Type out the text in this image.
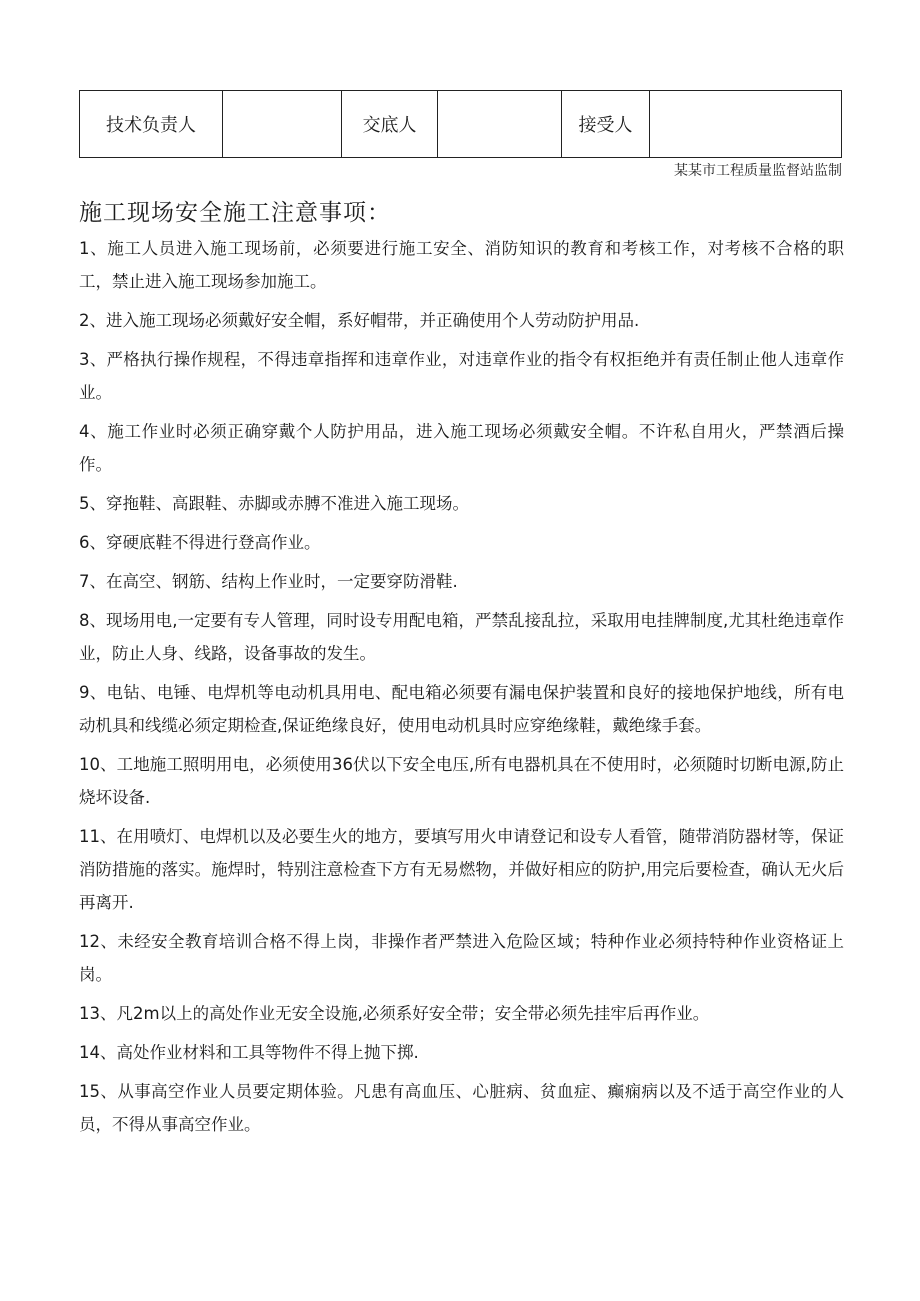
技术负责人		交底人		接受人	
某某市工程质量监督站监制
施工现场安全施工注意事项：
1、施工人员进入施工现场前，必须要进行施工安全、消防知识的教育和考核工作，对考核不合格的职工，禁止进入施工现场参加施工。
2、进入施工现场必须戴好安全帽，系好帽带，并正确使用个人劳动防护用品.
3、严格执行操作规程，不得违章指挥和违章作业，对违章作业的指令有权拒绝并有责任制止他人违章作业。
4、施工作业时必须正确穿戴个人防护用品，进入施工现场必须戴安全帽。不许私自用火，严禁酒后操作。
5、穿拖鞋、高跟鞋、赤脚或赤膊不准进入施工现场。
6、穿硬底鞋不得进行登高作业。
7、在高空、钢筋、结构上作业时，一定要穿防滑鞋.
8、现场用电,一定要有专人管理，同时设专用配电箱，严禁乱接乱拉，采取用电挂牌制度,尤其杜绝违章作业，防止人身、线路，设备事故的发生。
9、电钻、电锤、电焊机等电动机具用电、配电箱必须要有漏电保护装置和良好的接地保护地线，所有电动机具和线缆必须定期检查,保证绝缘良好，使用电动机具时应穿绝缘鞋，戴绝缘手套。
10、工地施工照明用电，必须使用36伏以下安全电压,所有电器机具在不使用时，必须随时切断电源,防止烧坏设备.
11、在用喷灯、电焊机以及必要生火的地方，要填写用火申请登记和设专人看管，随带消防器材等，保证消防措施的落实。施焊时，特别注意检查下方有无易燃物，并做好相应的防护,用完后要检查，确认无火后再离开.
12、未经安全教育培训合格不得上岗，非操作者严禁进入危险区域；特种作业必须持特种作业资格证上岗。
13、凡2m以上的高处作业无安全设施,必须系好安全带；安全带必须先挂牢后再作业。
14、高处作业材料和工具等物件不得上抛下掷.
15、从事高空作业人员要定期体验。凡患有高血压、心脏病、贫血症、癫痫病以及不适于高空作业的人员，不得从事高空作业。
